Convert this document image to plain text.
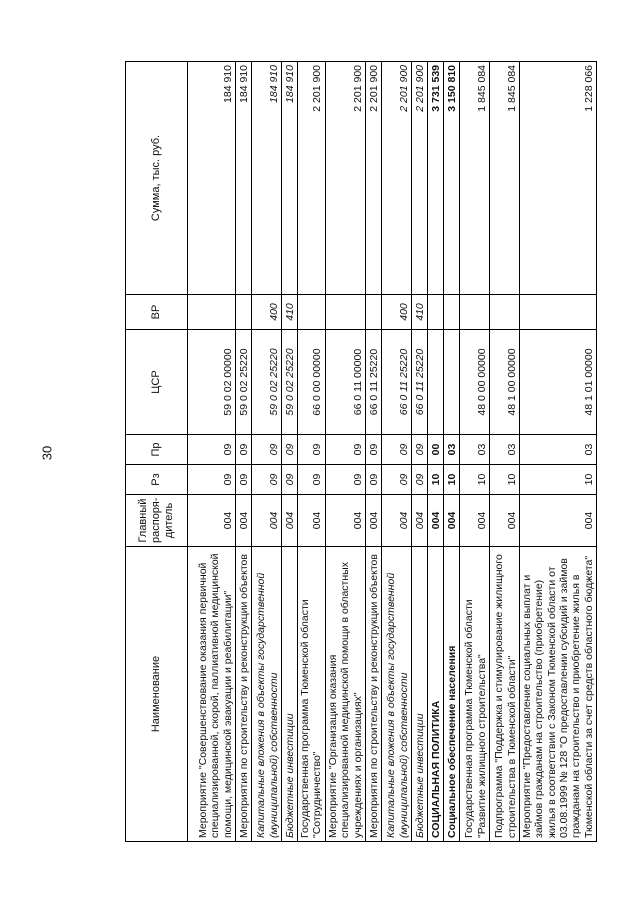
30
Наименование	Главный распоря-дитель	Рз	Пр	ЦСР	ВР	Сумма, тыс. руб.
Мероприятие "Совершенствование оказания первичной специализированной, скорой, паллиативной медицинской помощи, медицинской эвакуации и реабилитации"	004	09	09	59 0 02 00000		184 910
Мероприятия по строительству и реконструкции объектов	004	09	09	59 0 02 25220		184 910
Капитальные вложения в объекты государственной (муниципальной) собственности	004	09	09	59 0 02 25220	400	184 910
Бюджетные инвестиции	004	09	09	59 0 02 25220	410	184 910
Государственная программа Тюменской области "Сотрудничество"	004	09	09	66 0 00 00000		2 201 900
Мероприятие "Организация оказания специализированной медицинской помощи в областных учреждениях и организациях"	004	09	09	66 0 11 00000		2 201 900
Мероприятия по строительству и реконструкции объектов	004	09	09	66 0 11 25220		2 201 900
Капитальные вложения в объекты государственной (муниципальной) собственности	004	09	09	66 0 11 25220	400	2 201 900
Бюджетные инвестиции	004	09	09	66 0 11 25220	410	2 201 900
СОЦИАЛЬНАЯ ПОЛИТИКА	004	10	00			3 731 539
Социальное обеспечение населения	004	10	03			3 150 810
Государственная программа Тюменской области "Развитие жилищного строительства"	004	10	03	48 0 00 00000		1 845 084
Подпрограмма "Поддержка и стимулирование жилищного строительства в Тюменской области"	004	10	03	48 1 00 00000		1 845 084
Мероприятие "Предоставление социальных выплат и займов гражданам на строительство (приобретение) жилья в соответствии с Законом Тюменской области от 03.08.1999 № 128 "О предоставлении субсидий и займов гражданам на строительство и приобретение жилья в Тюменской области за счет средств областного бюджета"	004	10	03	48 1 01 00000		1 228 066
